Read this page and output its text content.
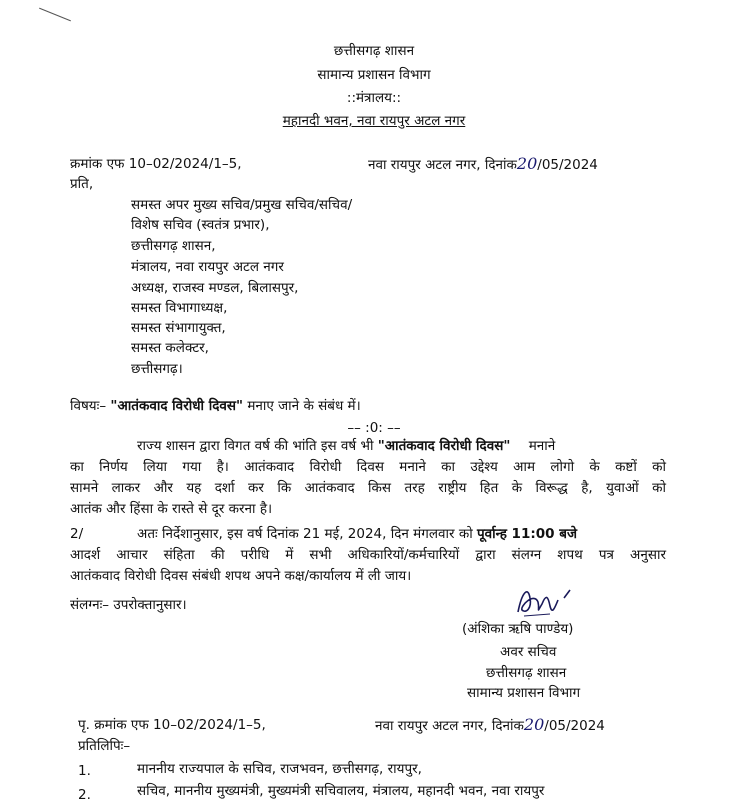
छत्तीसगढ़ शासन
सामान्य प्रशासन विभाग
::मंत्रालय::
महानदी भवन, नवा रायपुर अटल नगर
क्रमांक एफ 10–02/2024/1–5,	नवा रायपुर अटल नगर, दिनांक20/05/2024
प्रति,
समस्त अपर मुख्य सचिव/प्रमुख सचिव/सचिव/
विशेष सचिव (स्वतंत्र प्रभार),
छत्तीसगढ़ शासन,
मंत्रालय, नवा रायपुर अटल नगर
अध्यक्ष, राजस्व मण्डल, बिलासपुर,
समस्त विभागाध्यक्ष,
समस्त संभागायुक्त,
समस्त कलेक्टर,
छत्तीसगढ़।
विषयः– "आतंकवाद विरोधी दिवस" मनाए जाने के संबंध में।
–– :0: ––
राज्य शासन द्वारा विगत वर्ष की भांति इस वर्ष भी "आतंकवाद विरोधी दिवस" मनाने
का निर्णय लिया गया है। आतंकवाद विरोधी दिवस मनाने का उद्देश्य आम लोगो के कष्टों को
सामने लाकर और यह दर्शा कर कि आतंकवाद किस तरह राष्ट्रीय हित के विरूद्ध है, युवाओं को
आतंक और हिंसा के रास्ते से दूर करना है।
2/	अतः निर्देशानुसार, इस वर्ष दिनांक 21 मई, 2024, दिन मंगलवार को पूर्वान्ह 11:00 बजे
आदर्श आचार संहिता की परीधि में सभी अधिकारियों/कर्मचारियों द्वारा संलग्न शपथ पत्र अनुसार
आतंकवाद विरोधी दिवस संबंधी शपथ अपने कक्ष/कार्यालय में ली जाय।
संलग्नः– उपरोक्तानुसार।
(अंशिका ऋषि पाण्डेय)
अवर सचिव
छत्तीसगढ़ शासन
सामान्य प्रशासन विभाग
पृ. क्रमांक एफ 10–02/2024/1–5,	नवा रायपुर अटल नगर, दिनांक20/05/2024
प्रतिलिपिः–
1.	माननीय राज्यपाल के सचिव, राजभवन, छत्तीसगढ़, रायपुर,
2.	सचिव, माननीय मुख्यमंत्री, मुख्यमंत्री सचिवालय, मंत्रालय, महानदी भवन, नवा रायपुर
